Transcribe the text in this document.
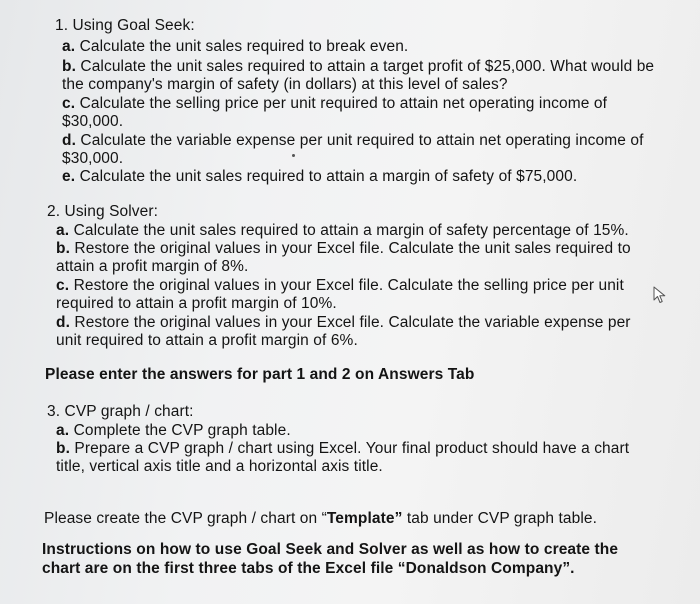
1. Using Goal Seek:
a. Calculate the unit sales required to break even.
b. Calculate the unit sales required to attain a target profit of $25,000. What would be
the company's margin of safety (in dollars) at this level of sales?
c. Calculate the selling price per unit required to attain net operating income of
$30,000.
d. Calculate the variable expense per unit required to attain net operating income of
$30,000.
e. Calculate the unit sales required to attain a margin of safety of $75,000.
2. Using Solver:
a. Calculate the unit sales required to attain a margin of safety percentage of 15%.
b. Restore the original values in your Excel file. Calculate the unit sales required to
attain a profit margin of 8%.
c. Restore the original values in your Excel file. Calculate the selling price per unit
required to attain a profit margin of 10%.
d. Restore the original values in your Excel file. Calculate the variable expense per
unit required to attain a profit margin of 6%.
Please enter the answers for part 1 and 2 on Answers Tab
3. CVP graph / chart:
a. Complete the CVP graph table.
b. Prepare a CVP graph / chart using Excel. Your final product should have a chart
title, vertical axis title and a horizontal axis title.
Please create the CVP graph / chart on “Template” tab under CVP graph table.
Instructions on how to use Goal Seek and Solver as well as how to create the
chart are on the first three tabs of the Excel file “Donaldson Company”.
